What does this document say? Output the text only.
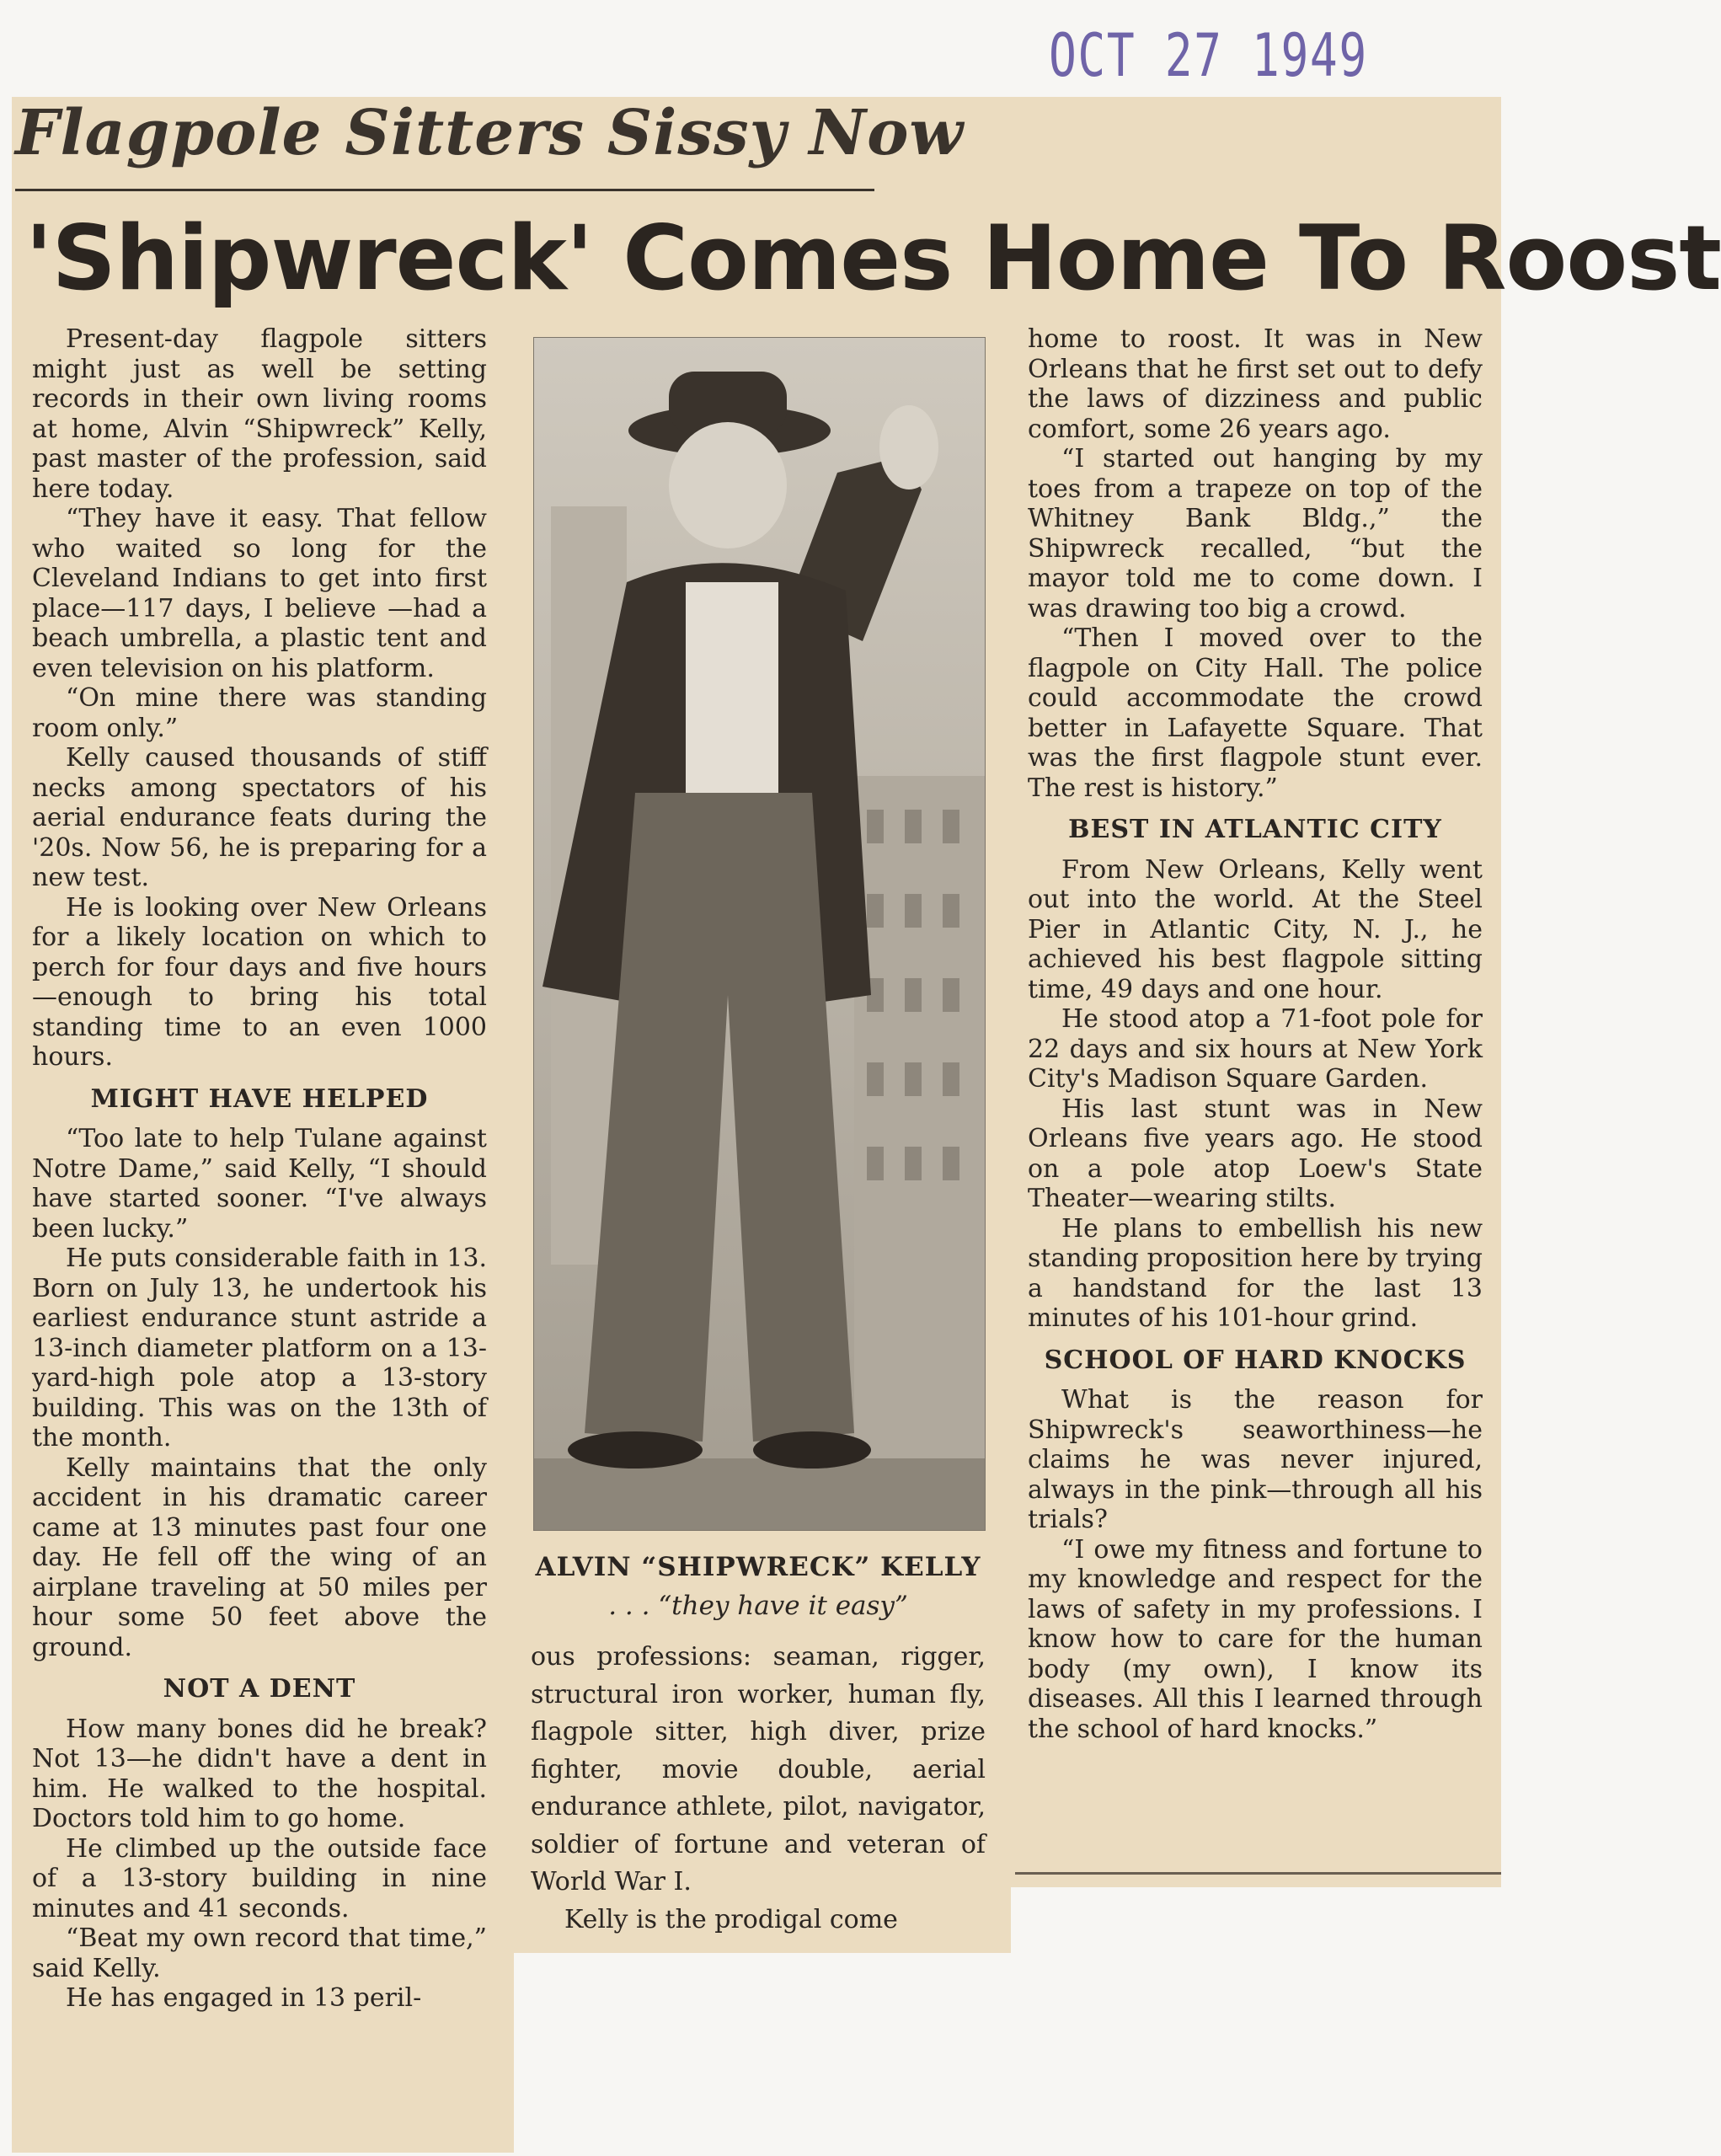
OCT 27 1949
Flagpole Sitters Sissy Now
'Shipwreck' Comes Home To Roost

Present-day flagpole sitters might just as well be setting records in their own living rooms at home, Alvin “Shipwreck” Kelly, past master of the profession, said here today.

“They have it easy. That fellow who waited so long for the Cleveland Indians to get into first place—117 days, I believe —had a beach umbrella, a plastic tent and even television on his platform.

“On mine there was standing room only.”

Kelly caused thousands of stiff necks among spectators of his aerial endurance feats during the '20s. Now 56, he is preparing for a new test.

He is looking over New Orleans for a likely location on which to perch for four days and five hours—enough to bring his total standing time to an even 1000 hours.

MIGHT HAVE HELPED

“Too late to help Tulane against Notre Dame,” said Kelly, “I should have started sooner. “I've always been lucky.”

He puts considerable faith in 13. Born on July 13, he undertook his earliest endurance stunt astride a 13-inch diameter platform on a 13-yard-high pole atop a 13-story building. This was on the 13th of the month.

Kelly maintains that the only accident in his dramatic career came at 13 minutes past four one day. He fell off the wing of an airplane traveling at 50 miles per hour some 50 feet above the ground.

NOT A DENT

How many bones did he break? Not 13—he didn't have a dent in him. He walked to the hospital. Doctors told him to go home.

He climbed up the outside face of a 13-story building in nine minutes and 41 seconds.

“Beat my own record that time,” said Kelly.

He has engaged in 13 peril-

ALVIN “SHIPWRECK” KELLY
. . . “they have it easy”

ous professions: seaman, rigger, structural iron worker, human fly, flagpole sitter, high diver, prize fighter, movie double, aerial endurance athlete, pilot, navigator, soldier of fortune and veteran of World War I.

Kelly is the prodigal come

home to roost. It was in New Orleans that he first set out to defy the laws of dizziness and public comfort, some 26 years ago.

“I started out hanging by my toes from a trapeze on top of the Whitney Bank Bldg.,” the Shipwreck recalled, “but the mayor told me to come down. I was drawing too big a crowd.

“Then I moved over to the flagpole on City Hall. The police could accommodate the crowd better in Lafayette Square. That was the first flagpole stunt ever. The rest is history.”

BEST IN ATLANTIC CITY

From New Orleans, Kelly went out into the world. At the Steel Pier in Atlantic City, N. J., he achieved his best flagpole sitting time, 49 days and one hour.

He stood atop a 71-foot pole for 22 days and six hours at New York City's Madison Square Garden.

His last stunt was in New Orleans five years ago. He stood on a pole atop Loew's State Theater—wearing stilts.

He plans to embellish his new standing proposition here by trying a handstand for the last 13 minutes of his 101-hour grind.

SCHOOL OF HARD KNOCKS

What is the reason for Shipwreck's seaworthiness—he claims he was never injured, always in the pink—through all his trials?

“I owe my fitness and fortune to my knowledge and respect for the laws of safety in my professions. I know how to care for the human body (my own), I know its diseases. All this I learned through the school of hard knocks.”
